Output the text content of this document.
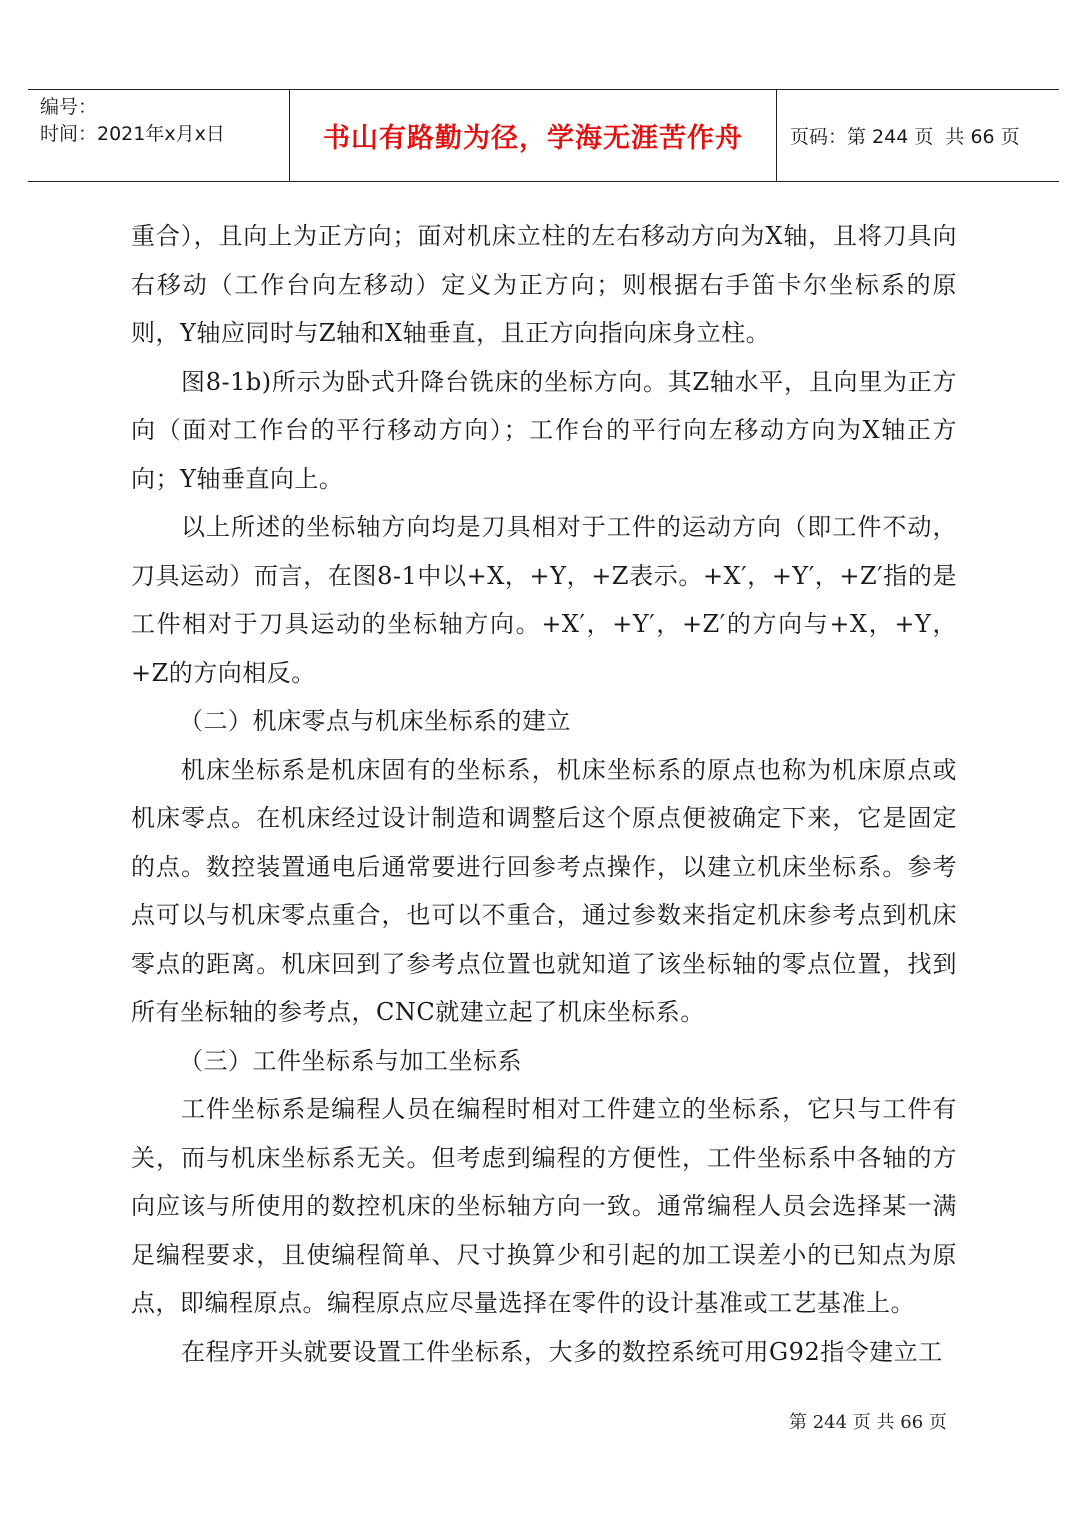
编号：
时间：2021年x月x日	书山有路勤为径，学海无涯苦作舟	页码：第 244 页  共 66 页

重合），且向上为正方向；面对机床立柱的左右移动方向为X轴，且将刀具向右移动（工作台向左移动）定义为正方向；则根据右手笛卡尔坐标系的原则，Y轴应同时与Z轴和X轴垂直，且正方向指向床身立柱。

图8-1b)所示为卧式升降台铣床的坐标方向。其Z轴水平，且向里为正方向（面对工作台的平行移动方向）；工作台的平行向左移动方向为X轴正方向；Y轴垂直向上。

以上所述的坐标轴方向均是刀具相对于工件的运动方向（即工件不动，刀具运动）而言，在图8-1中以+X，+Y，+Z表示。+X′，+Y′，+Z′指的是工件相对于刀具运动的坐标轴方向。+X′，+Y′，+Z′的方向与+X，+Y，+Z的方向相反。

（二）机床零点与机床坐标系的建立

机床坐标系是机床固有的坐标系，机床坐标系的原点也称为机床原点或机床零点。在机床经过设计制造和调整后这个原点便被确定下来，它是固定的点。数控装置通电后通常要进行回参考点操作，以建立机床坐标系。参考点可以与机床零点重合，也可以不重合，通过参数来指定机床参考点到机床零点的距离。机床回到了参考点位置也就知道了该坐标轴的零点位置，找到所有坐标轴的参考点，CNC就建立起了机床坐标系。

（三）工件坐标系与加工坐标系

工件坐标系是编程人员在编程时相对工件建立的坐标系，它只与工件有关，而与机床坐标系无关。但考虑到编程的方便性，工件坐标系中各轴的方向应该与所使用的数控机床的坐标轴方向一致。通常编程人员会选择某一满足编程要求，且使编程简单、尺寸换算少和引起的加工误差小的已知点为原点，即编程原点。编程原点应尽量选择在零件的设计基准或工艺基准上。

在程序开头就要设置工件坐标系，大多的数控系统可用G92指令建立工

第 244 页 共 66 页
